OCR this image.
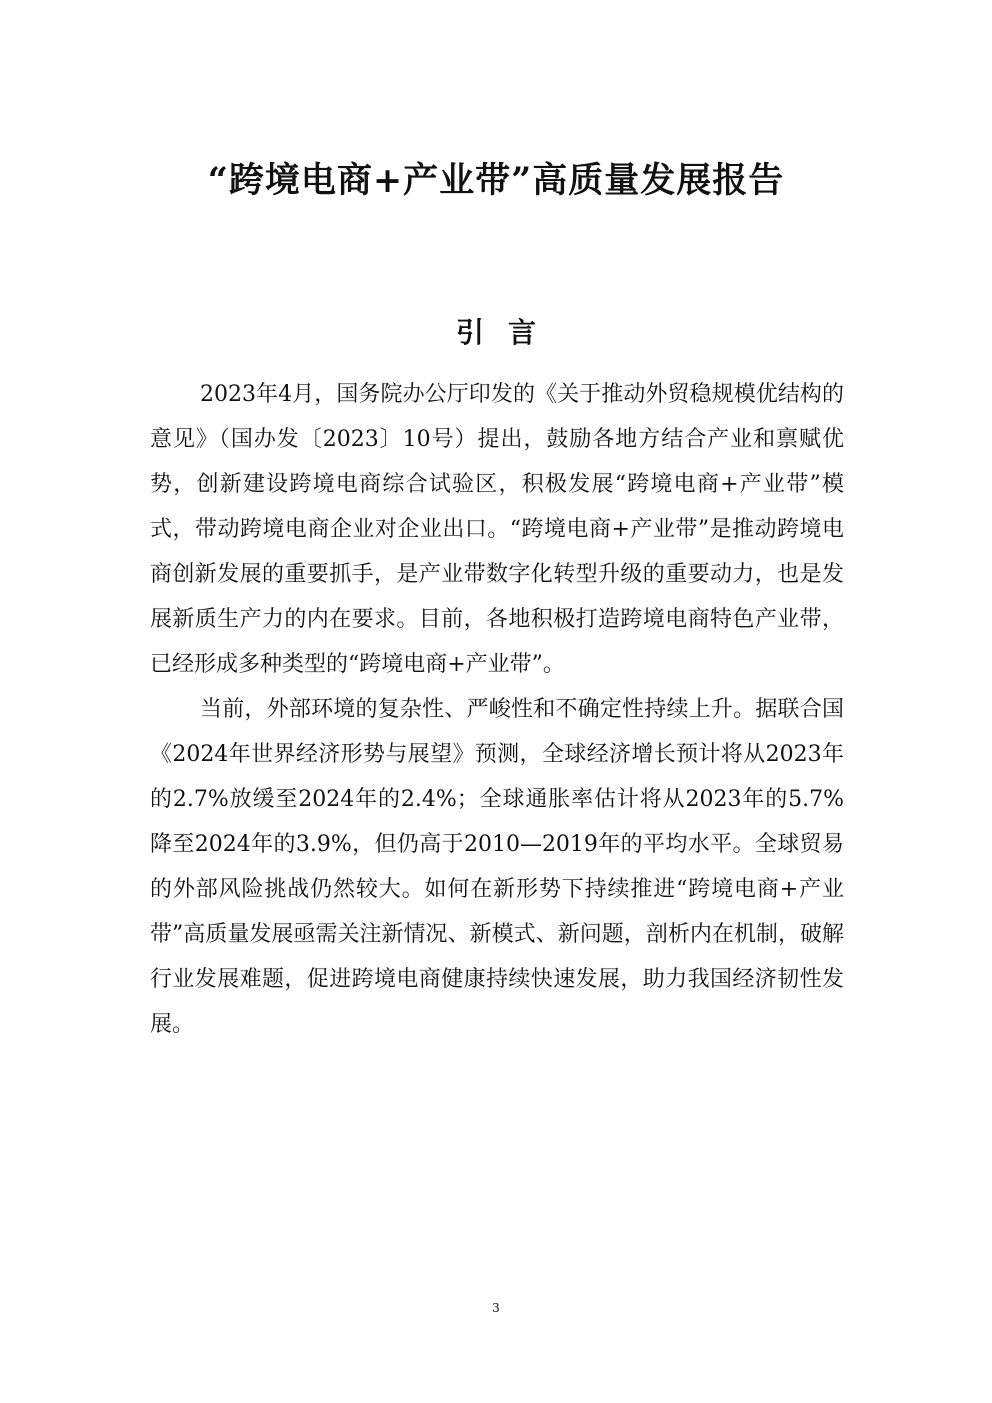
“跨境电商+产业带”高质量发展报告
引言

2023年4月，国务院办公厅印发的《关于推动外贸稳规模优结构的意见》（国办发〔2023〕10号）提出，鼓励各地方结合产业和禀赋优势，创新建设跨境电商综合试验区，积极发展“跨境电商+产业带”模式，带动跨境电商企业对企业出口。“跨境电商+产业带”是推动跨境电商创新发展的重要抓手，是产业带数字化转型升级的重要动力，也是发展新质生产力的内在要求。目前，各地积极打造跨境电商特色产业带，已经形成多种类型的“跨境电商+产业带”。

当前，外部环境的复杂性、严峻性和不确定性持续上升。据联合国《2024年世界经济形势与展望》预测，全球经济增长预计将从2023年的2.7%放缓至2024年的2.4%；全球通胀率估计将从2023年的5.7%降至2024年的3.9%，但仍高于2010—2019年的平均水平。全球贸易的外部风险挑战仍然较大。如何在新形势下持续推进“跨境电商+产业带”高质量发展亟需关注新情况、新模式、新问题，剖析内在机制，破解行业发展难题，促进跨境电商健康持续快速发展，助力我国经济韧性发展。

3
